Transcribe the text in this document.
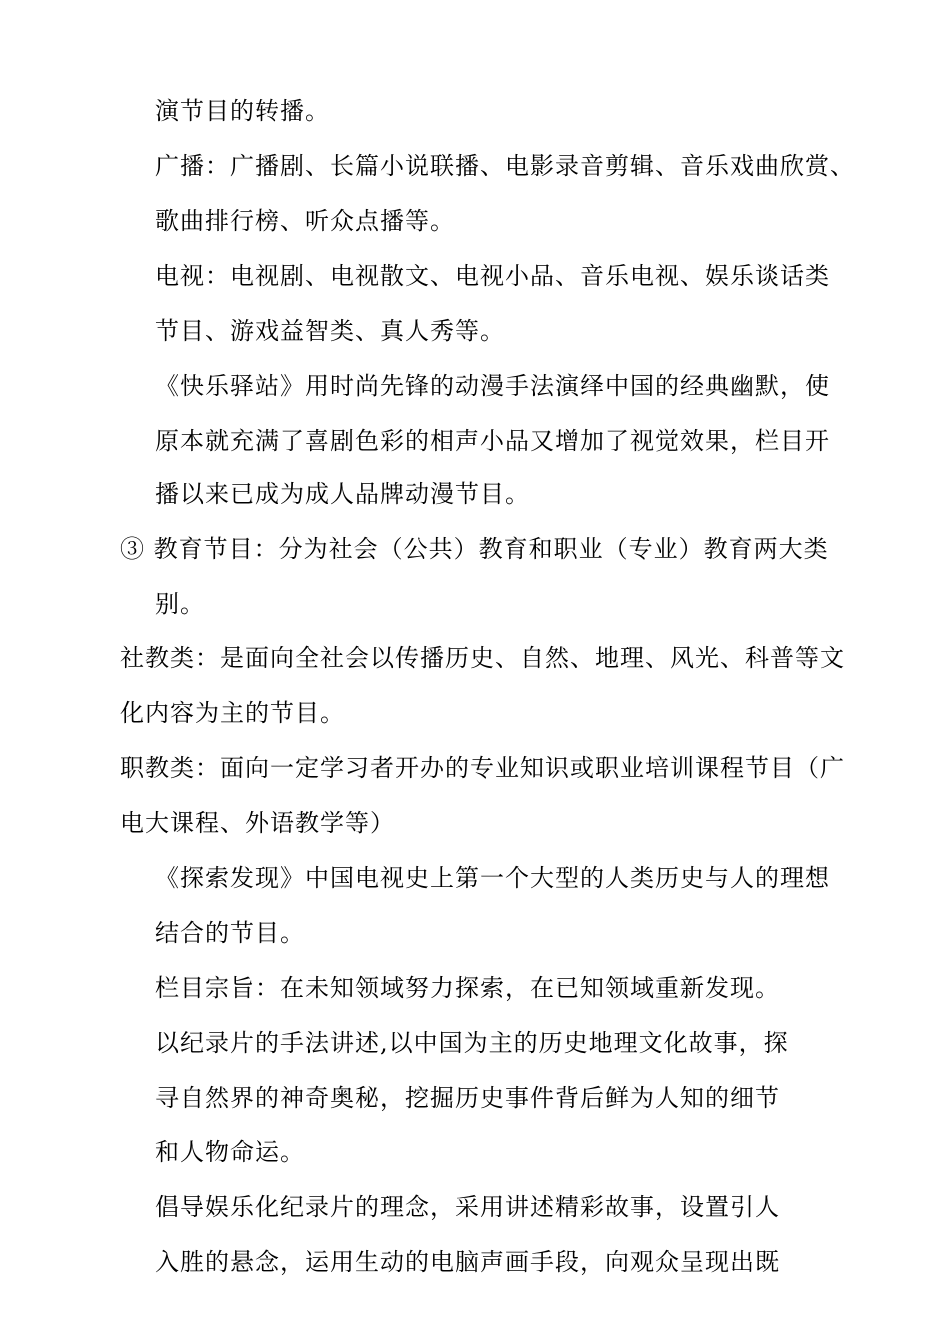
演节目的转播。
广播：广播剧、长篇小说联播、电影录音剪辑、音乐戏曲欣赏、
歌曲排行榜、听众点播等。
电视：电视剧、电视散文、电视小品、音乐电视、娱乐谈话类
节目、游戏益智类、真人秀等。
《快乐驿站》用时尚先锋的动漫手法演绎中国的经典幽默，使
原本就充满了喜剧色彩的相声小品又增加了视觉效果，栏目开
播以来已成为成人品牌动漫节目。
③ 教育节目：分为社会（公共）教育和职业（专业）教育两大类
别。
社教类：是面向全社会以传播历史、自然、地理、风光、科普等文
化内容为主的节目。
职教类：面向一定学习者开办的专业知识或职业培训课程节目（广
电大课程、外语教学等）
《探索发现》中国电视史上第一个大型的人类历史与人的理想
结合的节目。
栏目宗旨：在未知领域努力探索，在已知领域重新发现。
以纪录片的手法讲述,以中国为主的历史地理文化故事，探
寻自然界的神奇奥秘，挖掘历史事件背后鲜为人知的细节
和人物命运。
倡导娱乐化纪录片的理念，采用讲述精彩故事，设置引人
入胜的悬念，运用生动的电脑声画手段，向观众呈现出既
